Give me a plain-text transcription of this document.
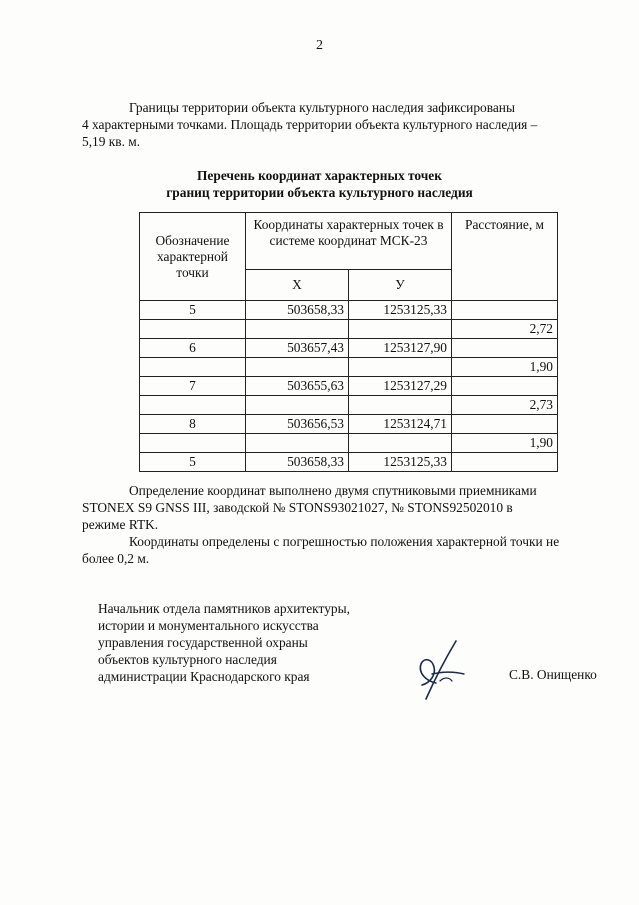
2
Границы территории объекта культурного наследия зафиксированы
4 характерными точками. Площадь территории объекта культурного наследия –
5,19 кв. м.
Перечень координат характерных точек
границ территории объекта культурного наследия
Обозначение характерной точки	Координаты характерных точек в системе координат МСК-23		Расстояние, м
	X	У	
5	503658,33	1253125,33	
			2,72
6	503657,43	1253127,90	
			1,90
7	503655,63	1253127,29	
			2,73
8	503656,53	1253124,71	
			1,90
5	503658,33	1253125,33	
Определение координат выполнено двумя спутниковыми приемниками
STONEX S9 GNSS III, заводской № STONS93021027, № STONS92502010 в
режиме RTK.
Координаты определены с погрешностью положения характерной точки не
более 0,2 м.
Начальник отдела памятников архитектуры,
истории и монументального искусства
управления государственной охраны
объектов культурного наследия
администрации Краснодарского края	С.В. Онищенко
